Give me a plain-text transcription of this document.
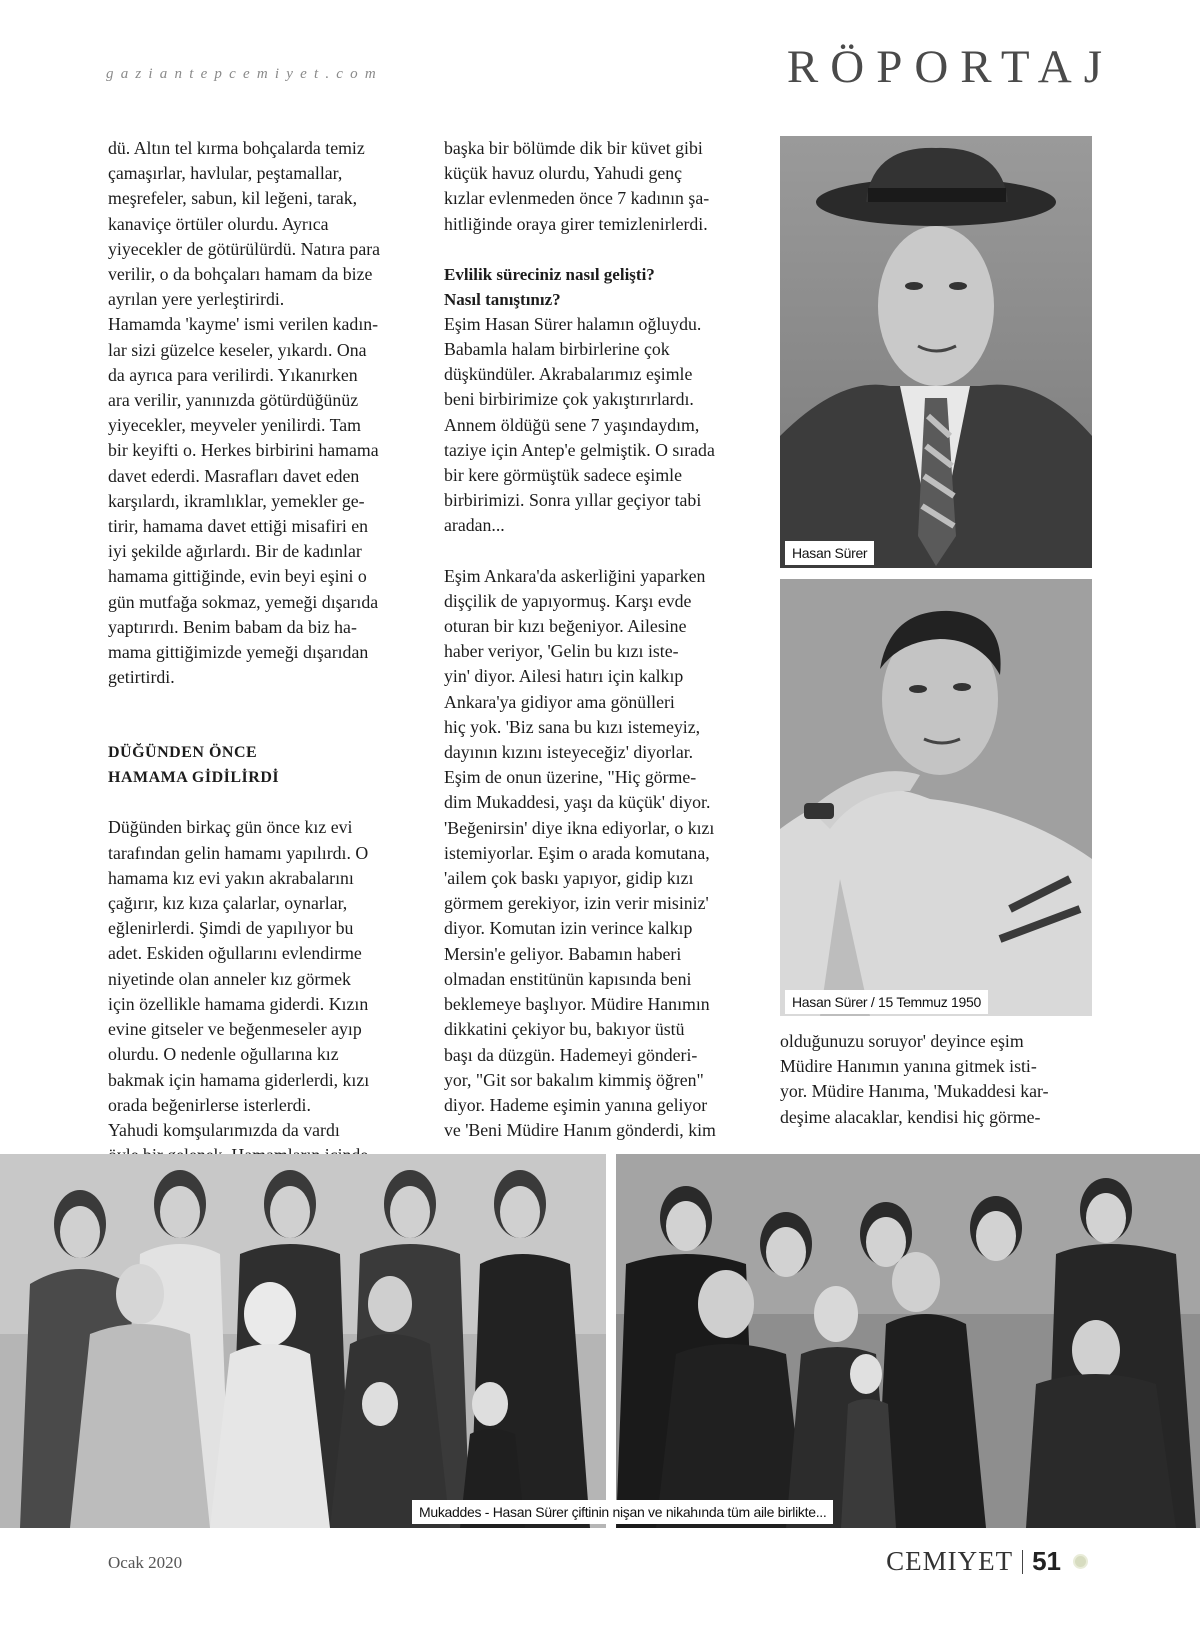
gaziantepcemiyet.com	RÖPORTAJ
dü. Altın tel kırma bohçalarda temiz
çamaşırlar, havlular, peştamallar,
meşrefeler, sabun, kil leğeni, tarak,
kanaviçe örtüler olurdu. Ayrıca
yiyecekler de götürülürdü. Natıra para
verilir, o da bohçaları hamam da bize
ayrılan yere yerleştirirdi.
Hamamda 'kayme' ismi verilen kadın-
lar sizi güzelce keseler, yıkardı. Ona
da ayrıca para verilirdi. Yıkanırken
ara verilir, yanınızda götürdüğünüz
yiyecekler, meyveler yenilirdi. Tam
bir keyifti o. Herkes birbirini hamama
davet ederdi. Masrafları davet eden
karşılardı, ikramlıklar, yemekler ge-
tirir, hamama davet ettiği misafiri en
iyi şekilde ağırlardı. Bir de kadınlar
hamama gittiğinde, evin beyi eşini o
gün mutfağa sokmaz, yemeği dışarıda
yaptırırdı. Benim babam da biz ha-
mama gittiğimizde yemeği dışarıdan
getirtirdi.

DÜĞÜNDEN ÖNCE
HAMAMA GİDİLİRDİ

Düğünden birkaç gün önce kız evi
tarafından gelin hamamı yapılırdı. O
hamama kız evi yakın akrabalarını
çağırır, kız kıza çalarlar, oynarlar,
eğlenirlerdi. Şimdi de yapılıyor bu
adet. Eskiden oğullarını evlendirme
niyetinde olan anneler kız görmek
için özellikle hamama giderdi. Kızın
evine gitseler ve beğenmeseler ayıp
olurdu. O nedenle oğullarına kız
bakmak için hamama giderlerdi, kızı
orada beğenirlerse isterlerdi.
Yahudi komşularımızda da vardı
başka bir bölümde dik bir küvet gibi
küçük havuz olurdu, Yahudi genç
kızlar evlenmeden önce 7 kadının şa-
hitliğinde oraya girer temizlenirlerdi.

Evlilik süreciniz nasıl gelişti?
Nasıl tanıştınız?

Eşim Hasan Sürer halamın oğluydu.
Babamla halam birbirlerine çok
düşkündüler. Akrabalarımız eşimle
beni birbirimize çok yakıştırırlardı.
Annem öldüğü sene 7 yaşındaydım,
taziye için Antep'e gelmiştik. O sırada
bir kere görmüştük sadece eşimle
birbirimizi. Sonra yıllar geçiyor tabi
aradan...
Eşim Ankara'da askerliğini yaparken
dişçilik de yapıyormuş. Karşı evde
oturan bir kızı beğeniyor. Ailesine
haber veriyor, 'Gelin bu kızı iste-
yin' diyor. Ailesi hatırı için kalkıp
Ankara'ya gidiyor ama gönülleri
hiç yok. 'Biz sana bu kızı istemeyiz,
dayının kızını isteyeceğiz' diyorlar.
Eşim de onun üzerine, "Hiç görme-
dim Mukaddesi, yaşı da küçük' diyor.
'Beğenirsin' diye ikna ediyorlar, o kızı
istemiyorlar. Eşim o arada komutana,
'ailem çok baskı yapıyor, gidip kızı
görmem gerekiyor, izin verir misiniz'
diyor. Komutan izin verince kalkıp
Mersin'e geliyor. Babamın haberi
olmadan enstitünün kapısında beni
beklemeye başlıyor. Müdire Hanımın
dikkatini çekiyor bu, bakıyor üstü
başı da düzgün. Hademeyi gönderi-
yor, "Git sor bakalım kimmiş öğren"
diyor. Hademe eşimin yanına geliyor
ve 'Beni Müdire Hanım gönderdi, kim
olduğunuzu soruyor' deyince eşim
Müdire Hanımın yanına gitmek isti-
yor. Müdire Hanıma, 'Mukaddesi kar-
deşime alacaklar, kendisi hiç görme-
Hasan Sürer
Hasan Sürer / 15 Temmuz 1950
Mukaddes - Hasan Sürer çiftinin nişan ve nikahında tüm aile birlikte...
Ocak 2020	CEMIYET 51
